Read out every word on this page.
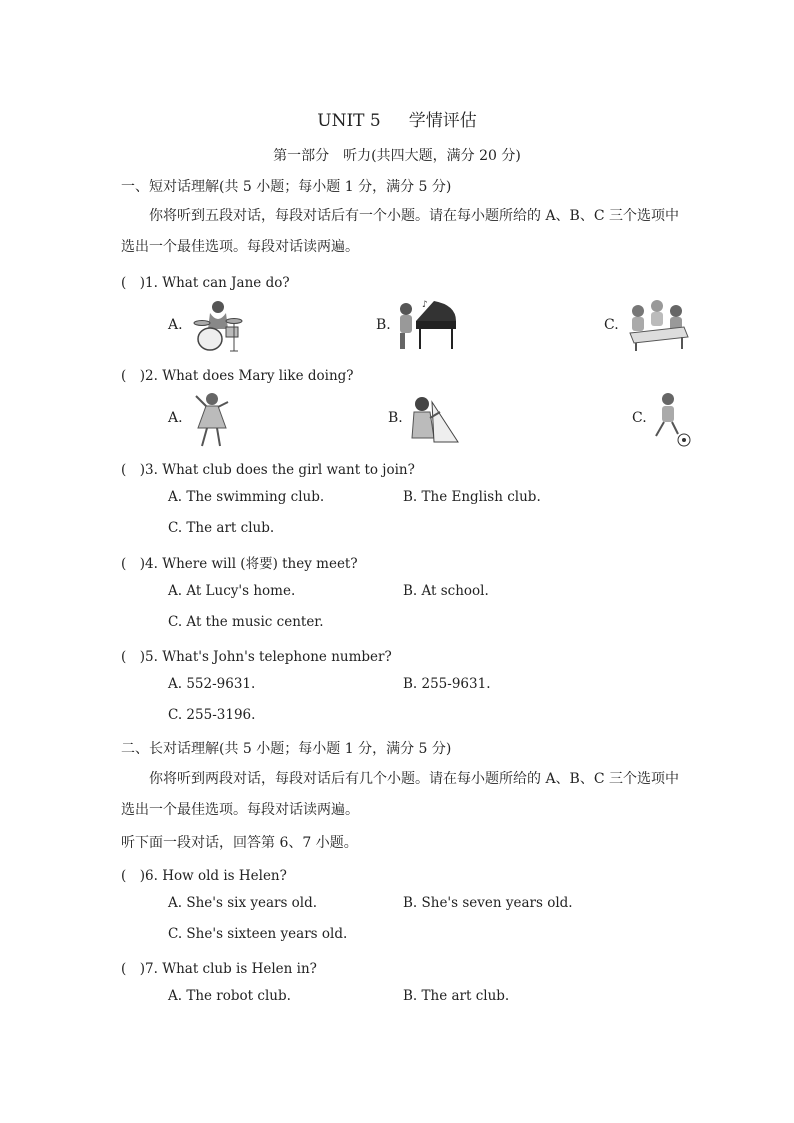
UNIT 5 学情评估
第一部分　听力(共四大题，满分 20 分)
一、短对话理解(共 5 小题；每小题 1 分，满分 5 分)
你将听到五段对话，每段对话后有一个小题。请在每小题所给的 A、B、C 三个选项中选出一个最佳选项。每段对话读两遍。
(　)1. What can Jane do?
A.	B.
♪
C.
(　)2. What does Mary like doing?
A.	B.	C.
(　)3. What club does the girl want to join?
A. The swimming club.	B. The English club.
C. The art club.
(　)4. Where will (将要) they meet?
A. At Lucy's home.	B. At school.
C. At the music center.
(　)5. What's John's telephone number?
A. 552-9631.	B. 255-9631.
C. 255-3196.
二、长对话理解(共 5 小题；每小题 1 分，满分 5 分)
你将听到两段对话，每段对话后有几个小题。请在每小题所给的 A、B、C 三个选项中选出一个最佳选项。每段对话读两遍。
听下面一段对话，回答第 6、7 小题。
(　)6. How old is Helen?
A. She's six years old.	B. She's seven years old.
C. She's sixteen years old.
(　)7. What club is Helen in?
A. The robot club.	B. The art club.
